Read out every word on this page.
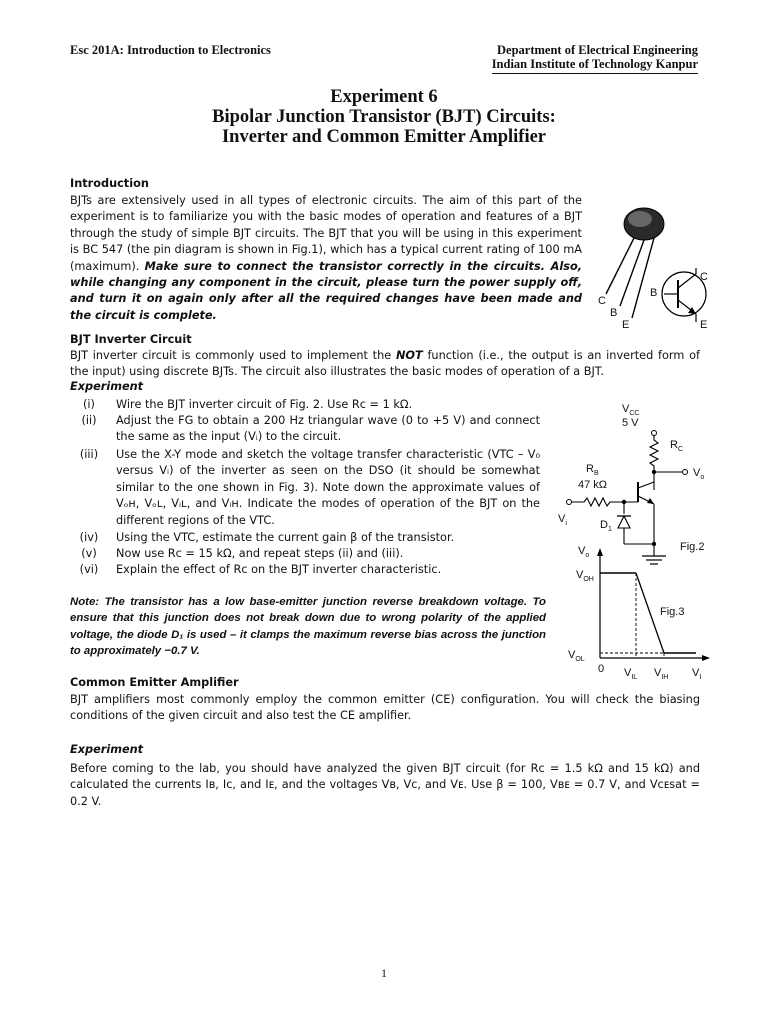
Esc 201A: Introduction to Electronics	Department of Electrical Engineering
Indian Institute of Technology Kanpur
Experiment 6
Bipolar Junction Transistor (BJT) Circuits:
Inverter and Common Emitter Amplifier
Introduction
BJTs are extensively used in all types of electronic circuits. The aim of this part of the experiment is to familiarize you with the basic modes of operation and features of a BJT through the study of simple BJT circuits. The BJT that you will be using in this experiment is BC 547 (the pin diagram is shown in Fig.1), which has a typical current rating of 100 mA (maximum). Make sure to connect the transistor correctly in the circuits. Also, while changing any component in the circuit, please turn the power supply off, and turn it on again only after all the required changes have been made and the circuit is complete.
C
B
E
C
B
E
BJT Inverter Circuit
BJT inverter circuit is commonly used to implement the NOT function (i.e., the output is an inverted form of the input) using discrete BJTs. The circuit also illustrates the basic modes of operation of a BJT.
Experiment
(i)	Wire the BJT inverter circuit of Fig. 2. Use Rᴄ = 1 kΩ.
(ii)	Adjust the FG to obtain a 200 Hz triangular wave (0 to +5 V) and connect the same as the input (Vᵢ) to the circuit.
(iii)	Use the X-Y mode and sketch the voltage transfer characteristic (VTC – V₀ versus Vᵢ) of the inverter as seen on the DSO (it should be somewhat similar to the one shown in Fig. 3). Note down the approximate values of Vₒʜ, Vₒʟ, Vᵢʟ, and Vᵢʜ. Indicate the modes of operation of the BJT on the different regions of the VTC.
(iv)	Using the VTC, estimate the current gain β of the transistor.
(v)	Now use Rᴄ = 15 kΩ, and repeat steps (ii) and (iii).
(vi)	Explain the effect of Rᴄ on the BJT inverter characteristic.
Note: The transistor has a low base-emitter junction reverse breakdown voltage. To ensure that this junction does not break down due to wrong polarity of the applied voltage, the diode D₁ is used – it clamps the maximum reverse bias across the junction to approximately −0.7 V.
$V_{CC}$
5 V
$R_C$
$V_o$
$R_B$
47 kΩ
$V_i$	$D_1$
Fig.2
$V_o$
$V_{OH}$
$V_{OL}$
0
Fig.3
$V_{IL}$ $V_{IH}$ $V_I$
Common Emitter Amplifier
BJT amplifiers most commonly employ the common emitter (CE) configuration. You will check the biasing conditions of the given circuit and also test the CE amplifier.
Experiment
Before coming to the lab, you should have analyzed the given BJT circuit (for Rᴄ = 1.5 kΩ and 15 kΩ) and calculated the currents Iʙ, Iᴄ, and Iᴇ, and the voltages Vʙ, Vᴄ, and Vᴇ. Use β = 100, Vʙᴇ = 0.7 V, and Vᴄᴇsat = 0.2 V.
1
